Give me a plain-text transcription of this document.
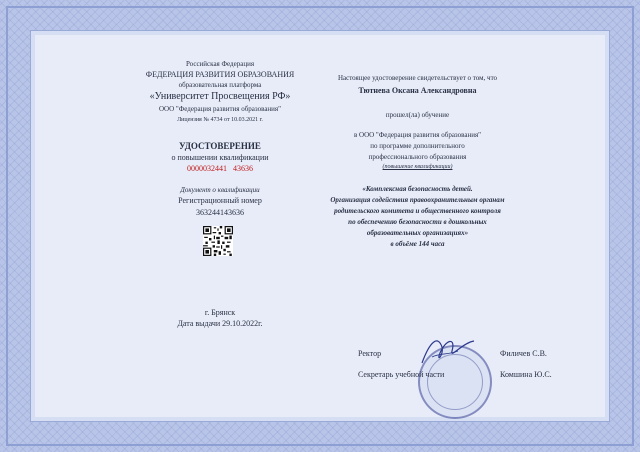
Российская Федерация
ФЕДЕРАЦИЯ РАЗВИТИЯ ОБРАЗОВАНИЯ
образовательная платформа
«Университет Просвещения РФ»
ООО "Федерация развития образования"
Лицензия № 4734 от 10.03.2021 г.
УДОСТОВЕРЕНИЕ
о повышении квалификации
0000032441 43636
Документ о квалификации
Регистрационный номер
363244143636
г. Брянск
Дата выдачи 29.10.2022г.
Настоящее удостоверение свидетельствует о том, что
Тютнева Оксана Александровна
прошел(ла) обучение
в ООО "Федерация развития образования"
по программе дополнительного
профессионального образования
(повышение квалификации)
«Комплексная безопасность детей.
Организация содействия правоохранительным органам
родительского комитета и общественного контроля
по обеспечению безопасности в дошкольных
образовательных организациях»
в объёме 144 часа
Ректор	Филичев С.В.
Секретарь учебной части	Комшина Ю.С.
